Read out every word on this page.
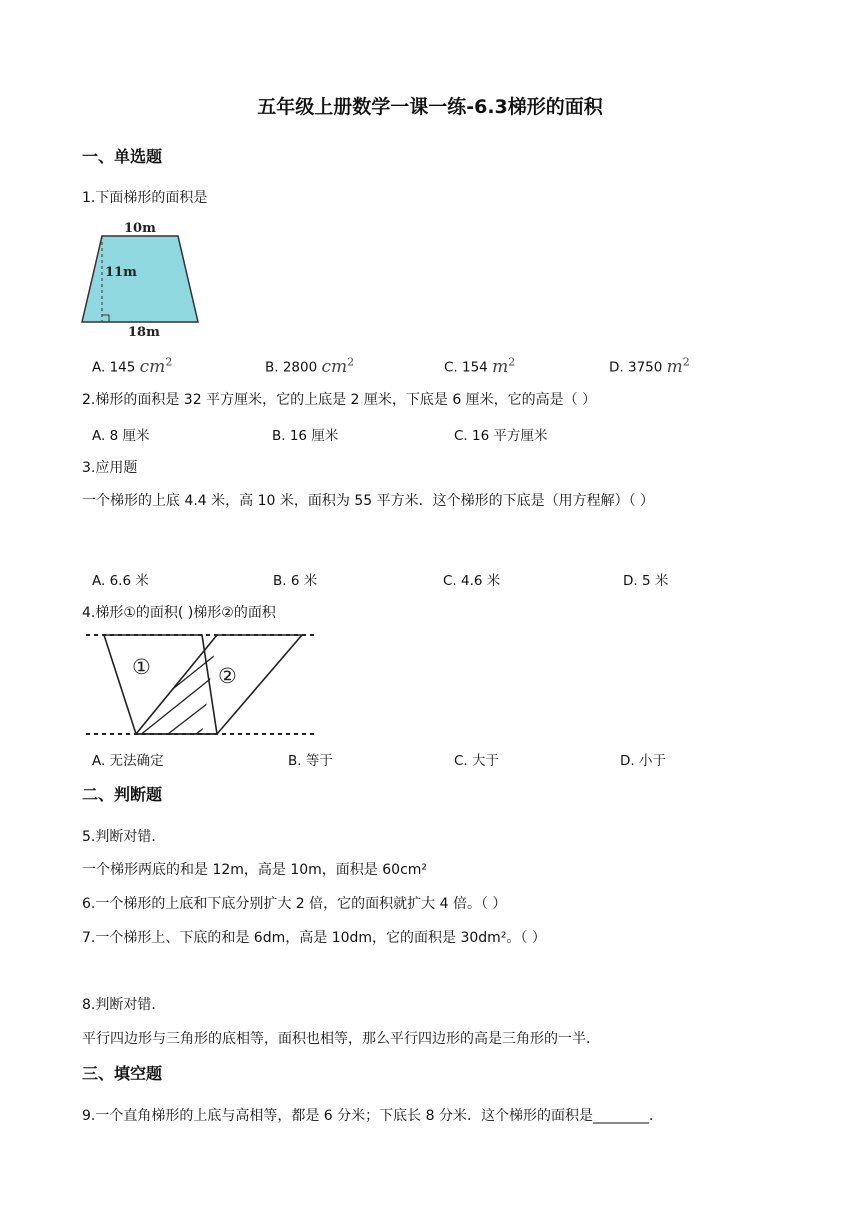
五年级上册数学一课一练-6.3梯形的面积
一、单选题
1.下面梯形的面积是
10m
11m
18m
A. 145 $cm^2$	B. 2800 $cm^2$	C. 154 $m^2$	D. 3750 $m^2$
2.梯形的面积是 32 平方厘米，它的上底是 2 厘米，下底是 6 厘米，它的高是（ ）
A. 8 厘米	B. 16 厘米	C. 16 平方厘米
3.应用题
一个梯形的上底 4.4 米，高 10 米，面积为 55 平方米．这个梯形的下底是（用方程解）（ ）
A. 6.6 米	B. 6 米	C. 4.6 米	D. 5 米
4.梯形①的面积( )梯形②的面积
①	②
A. 无法确定	B. 等于	C. 大于	D. 小于
二、判断题
5.判断对错．
一个梯形两底的和是 12m，高是 10m，面积是 60cm²
6.一个梯形的上底和下底分别扩大 2 倍，它的面积就扩大 4 倍。（ ）
7.一个梯形上、下底的和是 6dm，高是 10dm，它的面积是 30dm²。（ ）
8.判断对错．
平行四边形与三角形的底相等，面积也相等，那么平行四边形的高是三角形的一半．
三、填空题
9.一个直角梯形的上底与高相等，都是 6 分米；下底长 8 分米．这个梯形的面积是________．
